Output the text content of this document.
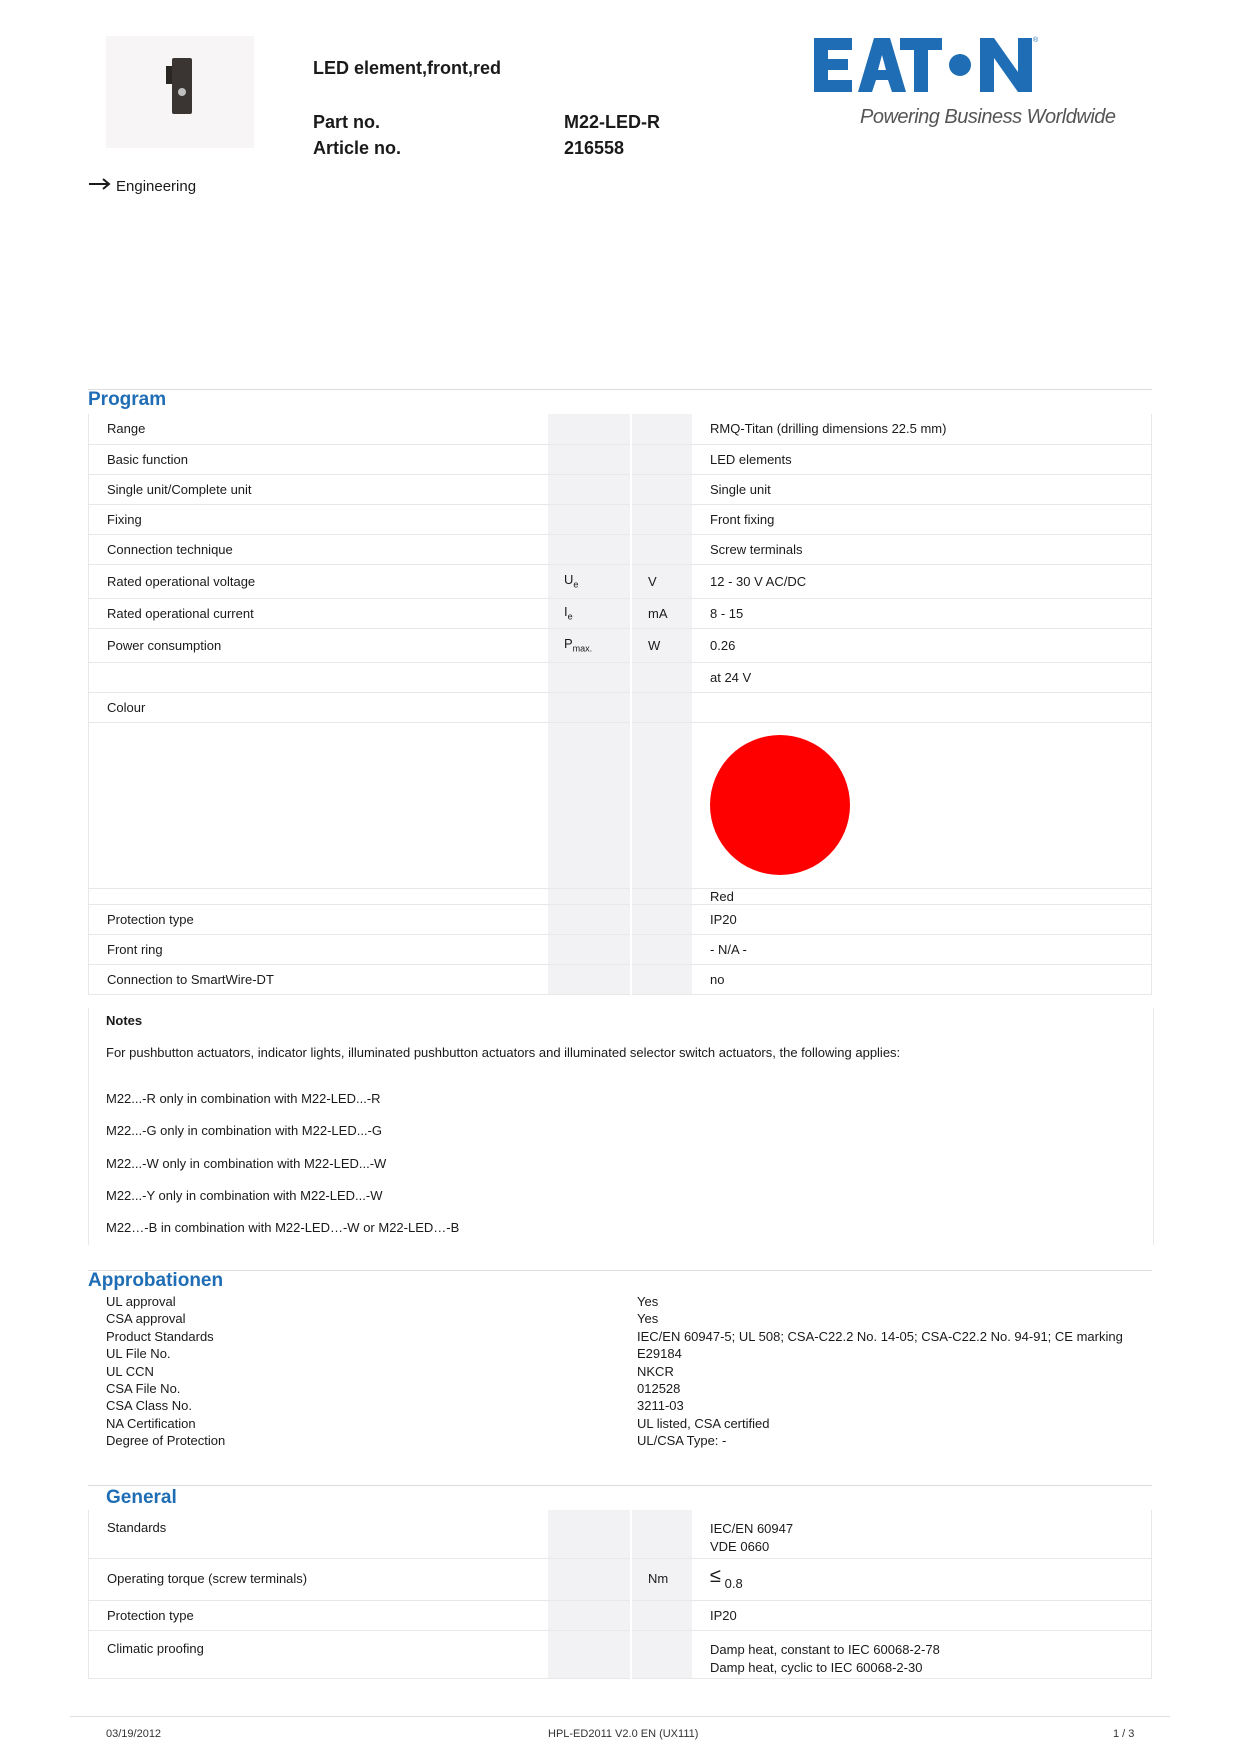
LED element,front,red
Part no.	M22-LED-R
Article no.	216558
®
Powering Business Worldwide
Engineering
Program
Range			RMQ-Titan (drilling dimensions 22.5 mm)
Basic function			LED elements
Single unit/Complete unit			Single unit
Fixing			Front fixing
Connection technique			Screw terminals
Rated operational voltage	$U_e$	V	12 - 30 V AC/DC
Rated operational current	$I_e$	mA	8 - 15
Power consumption	$P_{max.}$	W	0.26
			at 24 V
Colour			

			Red
Protection type			IP20
Front ring			- N/A -
Connection to SmartWire-DT			no
Notes
For pushbutton actuators, indicator lights, illuminated pushbutton actuators and illuminated selector switch actuators, the following applies:
M22...-R only in combination with M22-LED...-R
M22...-G only in combination with M22-LED...-G
M22...-W only in combination with M22-LED...-W
M22...-Y only in combination with M22-LED...-W
M22…-B in combination with M22-LED…-W or M22-LED…-B
Approbationen
UL approval	Yes
CSA approval	Yes
Product Standards	IEC/EN 60947-5; UL 508; CSA-C22.2 No. 14-05; CSA-C22.2 No. 94-91; CE marking
UL File No.	E29184
UL CCN	NKCR
CSA File No.	012528
CSA Class No.	3211-03
NA Certification	UL listed, CSA certified
Degree of Protection	UL/CSA Type: -
General
Standards			IEC/EN 60947
VDE 0660

Operating torque (screw terminals)		Nm	≤ 0.8
Protection type			IP20
Climatic proofing			Damp heat, constant to IEC 60068-2-78
Damp heat, cyclic to IEC 60068-2-30
03/19/2012	HPL-ED2011 V2.0 EN (UX111)	1 / 3
